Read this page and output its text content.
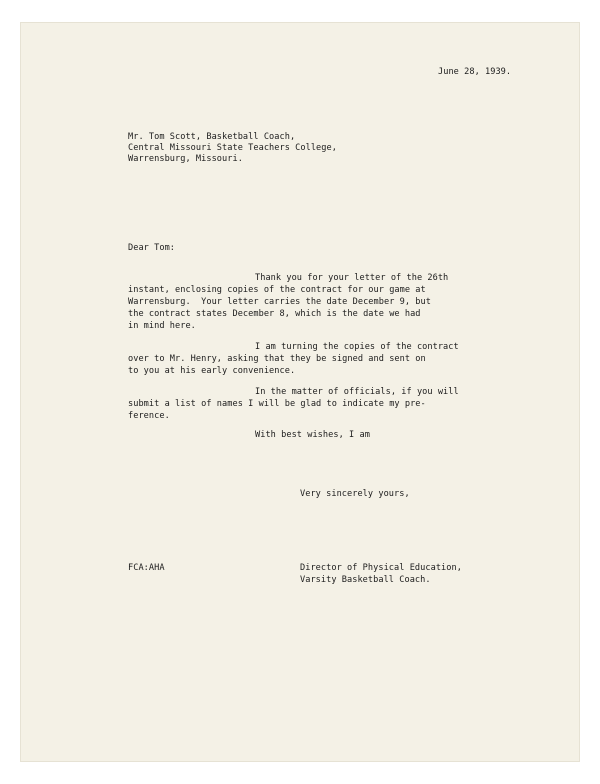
June 28, 1939.
Mr. Tom Scott, Basketball Coach,
Central Missouri State Teachers College,
Warrensburg, Missouri.
Dear Tom:
Thank you for your letter of the 26th
instant, enclosing copies of the contract for our game at
Warrensburg.  Your letter carries the date December 9, but
the contract states December 8, which is the date we had
in mind here.
I am turning the copies of the contract
over to Mr. Henry, asking that they be signed and sent on
to you at his early convenience.
In the matter of officials, if you will
submit a list of names I will be glad to indicate my pre-
ference.
With best wishes, I am
Very sincerely yours,
Director of Physical Education,
Varsity Basketball Coach.
FCA:AHA
